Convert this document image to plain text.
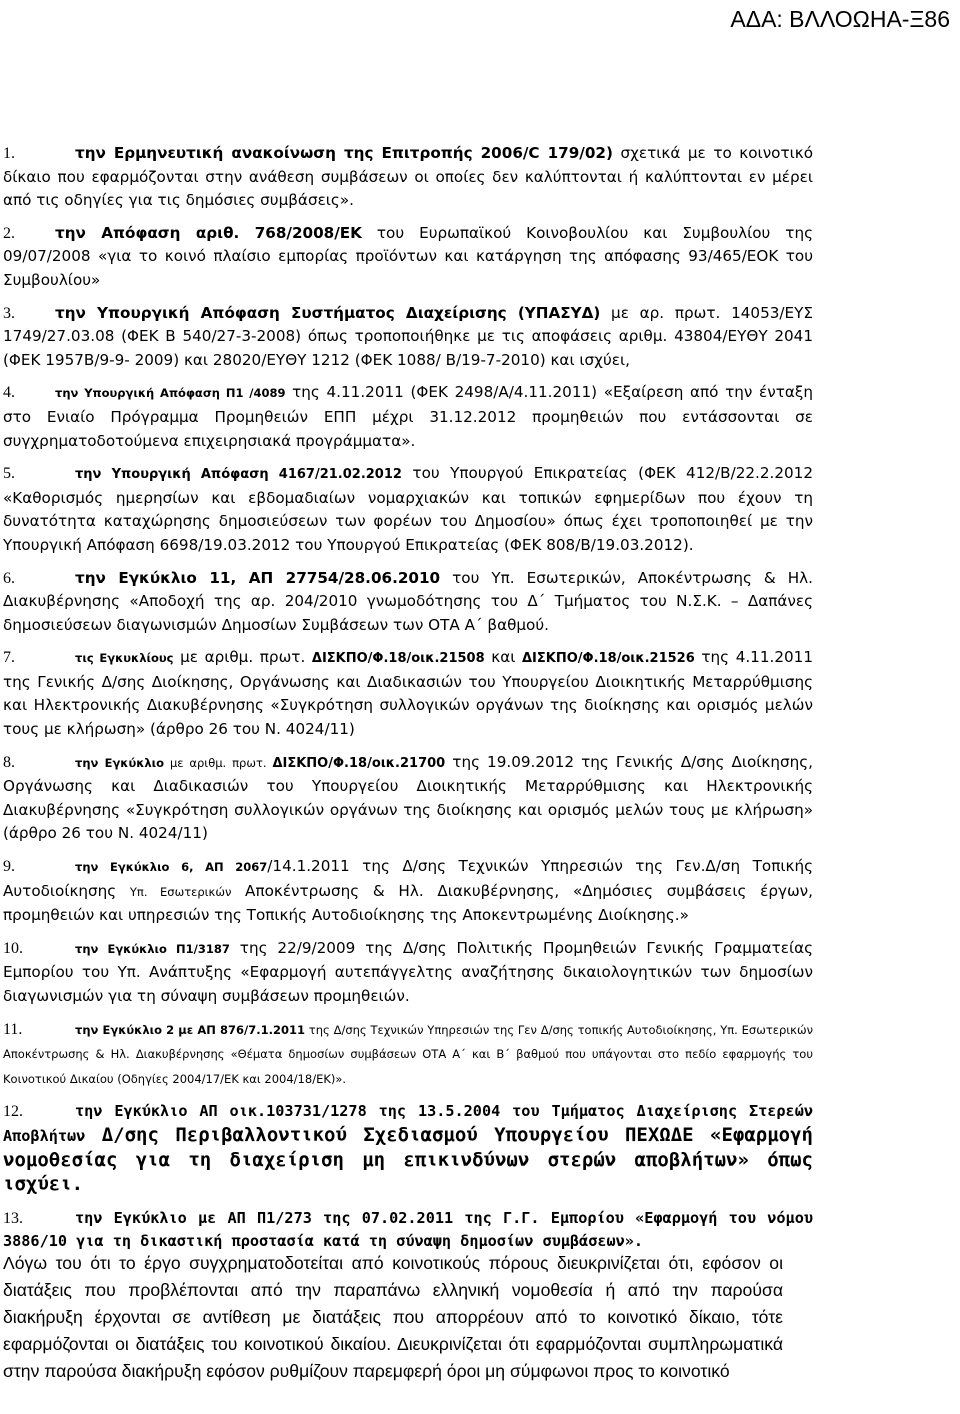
ΑΔΑ: ΒΛΛΟΩΗΑ-Ξ86
1.	την Ερμηνευτική ανακοίνωση της Επιτροπής 2006/C 179/02) σχετικά με το κοινοτικό δίκαιο που εφαρμόζονται στην ανάθεση συμβάσεων οι οποίες δεν καλύπτονται ή καλύπτονται εν μέρει από τις οδηγίες για τις δημόσιες συμβάσεις».
2.	την Απόφαση αριθ. 768/2008/ΕΚ του Ευρωπαϊκού Κοινοβουλίου και Συμβουλίου της 09/07/2008 «για το κοινό πλαίσιο εμπορίας προϊόντων και κατάργηση της απόφασης 93/465/ΕΟΚ του Συμβουλίου»
3.	την Υπουργική Απόφαση Συστήματος Διαχείρισης (ΥΠΑΣΥΔ) με αρ. πρωτ. 14053/ΕΥΣ 1749/27.03.08 (ΦΕΚ Β 540/27-3-2008) όπως τροποποιήθηκε με τις αποφάσεις αριθμ. 43804/ΕΥΘΥ 2041 (ΦΕΚ 1957Β/9-9- 2009) και 28020/ΕΥΘΥ 1212 (ΦΕΚ 1088/ Β/19-7-2010) και ισχύει,
4.	την Υπουργική Απόφαση Π1 /4089 της 4.11.2011 (ΦΕΚ 2498/Α/4.11.2011) «Εξαίρεση από την ένταξη στο Ενιαίο Πρόγραμμα Προμηθειών ΕΠΠ μέχρι 31.12.2012 προμηθειών που εντάσσονται σε συγχρηματοδοτούμενα επιχειρησιακά προγράμματα».
5.	την Υπουργική Απόφαση 4167/21.02.2012 του Υπουργού Επικρατείας (ΦΕΚ 412/Β/22.2.2012 «Καθορισμός ημερησίων και εβδομαδιαίων νομαρχιακών και τοπικών εφημερίδων που έχουν τη δυνατότητα καταχώρησης δημοσιεύσεων των φορέων του Δημοσίου» όπως έχει τροποποιηθεί με την Υπουργική Απόφαση 6698/19.03.2012 του Υπουργού Επικρατείας (ΦΕΚ 808/Β/19.03.2012).
6.	την Εγκύκλιο 11, ΑΠ 27754/28.06.2010 του Υπ. Εσωτερικών, Αποκέντρωσης & Ηλ. Διακυβέρνησης «Αποδοχή της αρ. 204/2010 γνωμοδότησης του Δ΄ Τμήματος του Ν.Σ.Κ. – Δαπάνες δημοσιεύσεων διαγωνισμών Δημοσίων Συμβάσεων των ΟΤΑ Α΄ βαθμού.
7.	τις Εγκυκλίους με αριθμ. πρωτ. ΔΙΣΚΠΟ/Φ.18/οικ.21508 και ΔΙΣΚΠΟ/Φ.18/οικ.21526 της 4.11.2011 της Γενικής Δ/σης Διοίκησης, Οργάνωσης και Διαδικασιών του Υπουργείου Διοικητικής Μεταρρύθμισης και Ηλεκτρονικής Διακυβέρνησης «Συγκρότηση συλλογικών οργάνων της διοίκησης και ορισμός μελών τους με κλήρωση» (άρθρο 26 του Ν. 4024/11)
8.	την Εγκύκλιο με αριθμ. πρωτ. ΔΙΣΚΠΟ/Φ.18/οικ.21700 της 19.09.2012 της Γενικής Δ/σης Διοίκησης, Οργάνωσης και Διαδικασιών του Υπουργείου Διοικητικής Μεταρρύθμισης και Ηλεκτρονικής Διακυβέρνησης «Συγκρότηση συλλογικών οργάνων της διοίκησης και ορισμός μελών τους με κλήρωση» (άρθρο 26 του Ν. 4024/11)
9.	την Εγκύκλιο 6, ΑΠ 2067/14.1.2011 της Δ/σης Τεχνικών Υπηρεσιών της Γεν.Δ/ση Τοπικής Αυτοδιοίκησης Υπ. Εσωτερικών Αποκέντρωσης & Ηλ. Διακυβέρνησης, «Δημόσιες συμβάσεις έργων, προμηθειών και υπηρεσιών της Τοπικής Αυτοδιοίκησης της Αποκεντρωμένης Διοίκησης.»
10.	την Εγκύκλιο Π1/3187 της 22/9/2009 της Δ/σης Πολιτικής Προμηθειών Γενικής Γραμματείας Εμπορίου του Υπ. Ανάπτυξης «Εφαρμογή αυτεπάγγελτης αναζήτησης δικαιολογητικών των δημοσίων διαγωνισμών για τη σύναψη συμβάσεων προμηθειών.
11.	την Εγκύκλιο 2 με ΑΠ 876/7.1.2011 της Δ/σης Τεχνικών Υπηρεσιών της Γεν Δ/σης τοπικής Αυτοδιοίκησης, Υπ. Εσωτερικών Αποκέντρωσης & Ηλ. Διακυβέρνησης «Θέματα δημοσίων συμβάσεων ΟΤΑ Α΄ και Β΄ βαθμού που υπάγονται στο πεδίο εφαρμογής του Κοινοτικού Δικαίου (Οδηγίες 2004/17/ΕΚ και 2004/18/ΕΚ)».
12.	την Εγκύκλιο ΑΠ οικ.103731/1278 της 13.5.2004 του Τμήματος Διαχείρισης Στερεών Αποβλήτων Δ/σης Περιβαλλοντικού Σχεδιασμού Υπουργείου ΠΕΧΩΔΕ «Εφαρμογή νομοθεσίας για τη διαχείριση μη επικινδύνων στερών αποβλήτων» όπως ισχύει.
13.	την Εγκύκλιο με ΑΠ Π1/273 της 07.02.2011 της Γ.Γ. Εμπορίου «Εφαρμογή του νόμου 3886/10 για τη δικαστική προστασία κατά τη σύναψη δημοσίων συμβάσεων».
Λόγω του ότι το έργο συγχρηματοδοτείται από κοινοτικούς πόρους διευκρινίζεται ότι, εφόσον οι διατάξεις που προβλέπονται από την παραπάνω ελληνική νομοθεσία ή από την παρούσα διακήρυξη έρχονται σε αντίθεση με διατάξεις που απορρέουν από το κοινοτικό δίκαιο, τότε εφαρμόζονται οι διατάξεις του κοινοτικού δικαίου. Διευκρινίζεται ότι εφαρμόζονται συμπληρωματικά στην παρούσα διακήρυξη εφόσον ρυθμίζουν παρεμφερή όροι μη σύμφωνοι προς το κοινοτικό
